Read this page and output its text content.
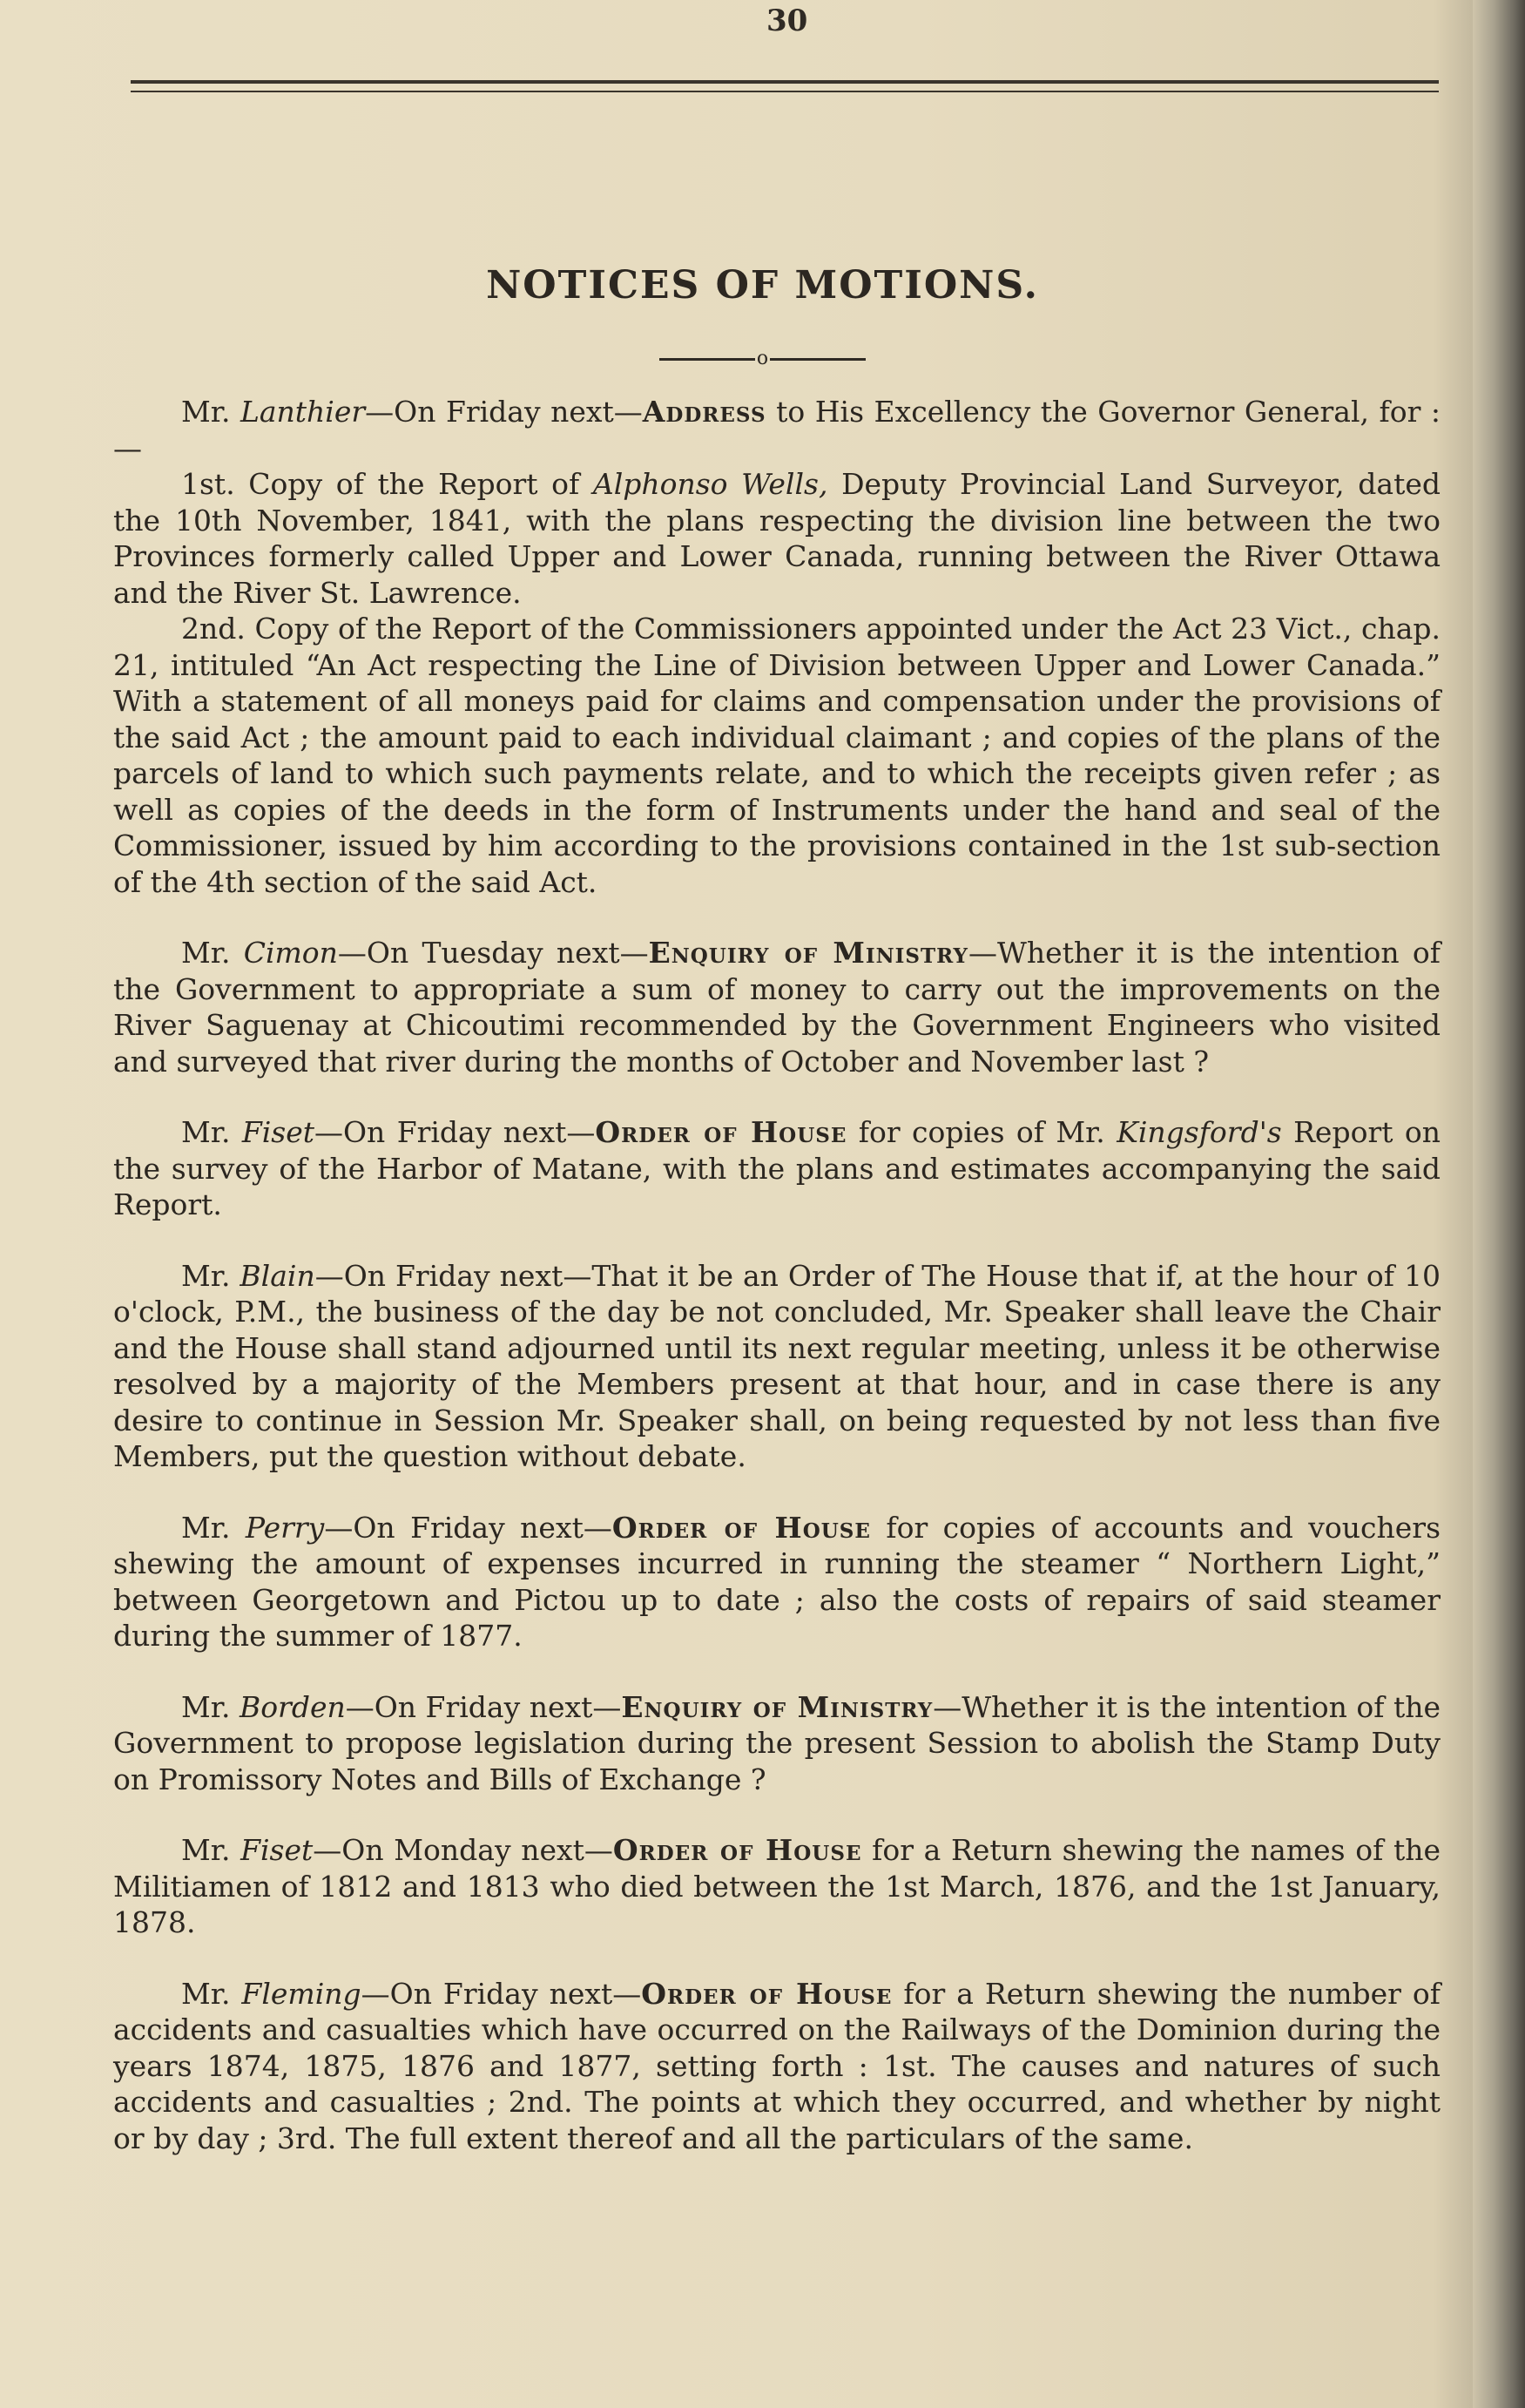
30
NOTICES OF MOTIONS.
o

Mr. Lanthier—On Friday next—Address to His Excellency the Governor General, for :—

1st. Copy of the Report of Alphonso Wells, Deputy Provincial Land Surveyor, dated the 10th November, 1841, with the plans respecting the division line between the two Provinces formerly called Upper and Lower Canada, running between the River Ottawa and the River St. Lawrence.

2nd. Copy of the Report of the Commissioners appointed under the Act 23 Vict., chap. 21, intituled “An Act respecting the Line of Division between Upper and Lower Canada.” With a statement of all moneys paid for claims and compensation under the provisions of the said Act ; the amount paid to each individual claimant ; and copies of the plans of the parcels of land to which such payments relate, and to which the receipts given refer ; as well as copies of the deeds in the form of Instruments under the hand and seal of the Commissioner, issued by him according to the provisions contained in the 1st sub-section of the 4th section of the said Act.

Mr. Cimon—On Tuesday next—Enquiry of Ministry—Whether it is the intention of the Government to appropriate a sum of money to carry out the improvements on the River Saguenay at Chicoutimi recommended by the Government Engineers who visited and surveyed that river during the months of October and November last ?

Mr. Fiset—On Friday next—Order of House for copies of Mr. Kingsford's Report on the survey of the Harbor of Matane, with the plans and estimates accompanying the said Report.

Mr. Blain—On Friday next—That it be an Order of The House that if, at the hour of 10 o'clock, P.M., the business of the day be not concluded, Mr. Speaker shall leave the Chair and the House shall stand adjourned until its next regular meeting, unless it be otherwise resolved by a majority of the Members present at that hour, and in case there is any desire to continue in Session Mr. Speaker shall, on being requested by not less than five Members, put the question without debate.

Mr. Perry—On Friday next—Order of House for copies of accounts and vouchers shewing the amount of expenses incurred in running the steamer “ Northern Light,” between Georgetown and Pictou up to date ; also the costs of repairs of said steamer during the summer of 1877.

Mr. Borden—On Friday next—Enquiry of Ministry—Whether it is the intention of the Government to propose legislation during the present Session to abolish the Stamp Duty on Promissory Notes and Bills of Exchange ?

Mr. Fiset—On Monday next—Order of House for a Return shewing the names of the Militiamen of 1812 and 1813 who died between the 1st March, 1876, and the 1st January, 1878.

Mr. Fleming—On Friday next—Order of House for a Return shewing the number of accidents and casualties which have occurred on the Railways of the Dominion during the years 1874, 1875, 1876 and 1877, setting forth : 1st. The causes and natures of such accidents and casualties ; 2nd. The points at which they occurred, and whether by night or by day ; 3rd. The full extent thereof and all the particulars of the same.
